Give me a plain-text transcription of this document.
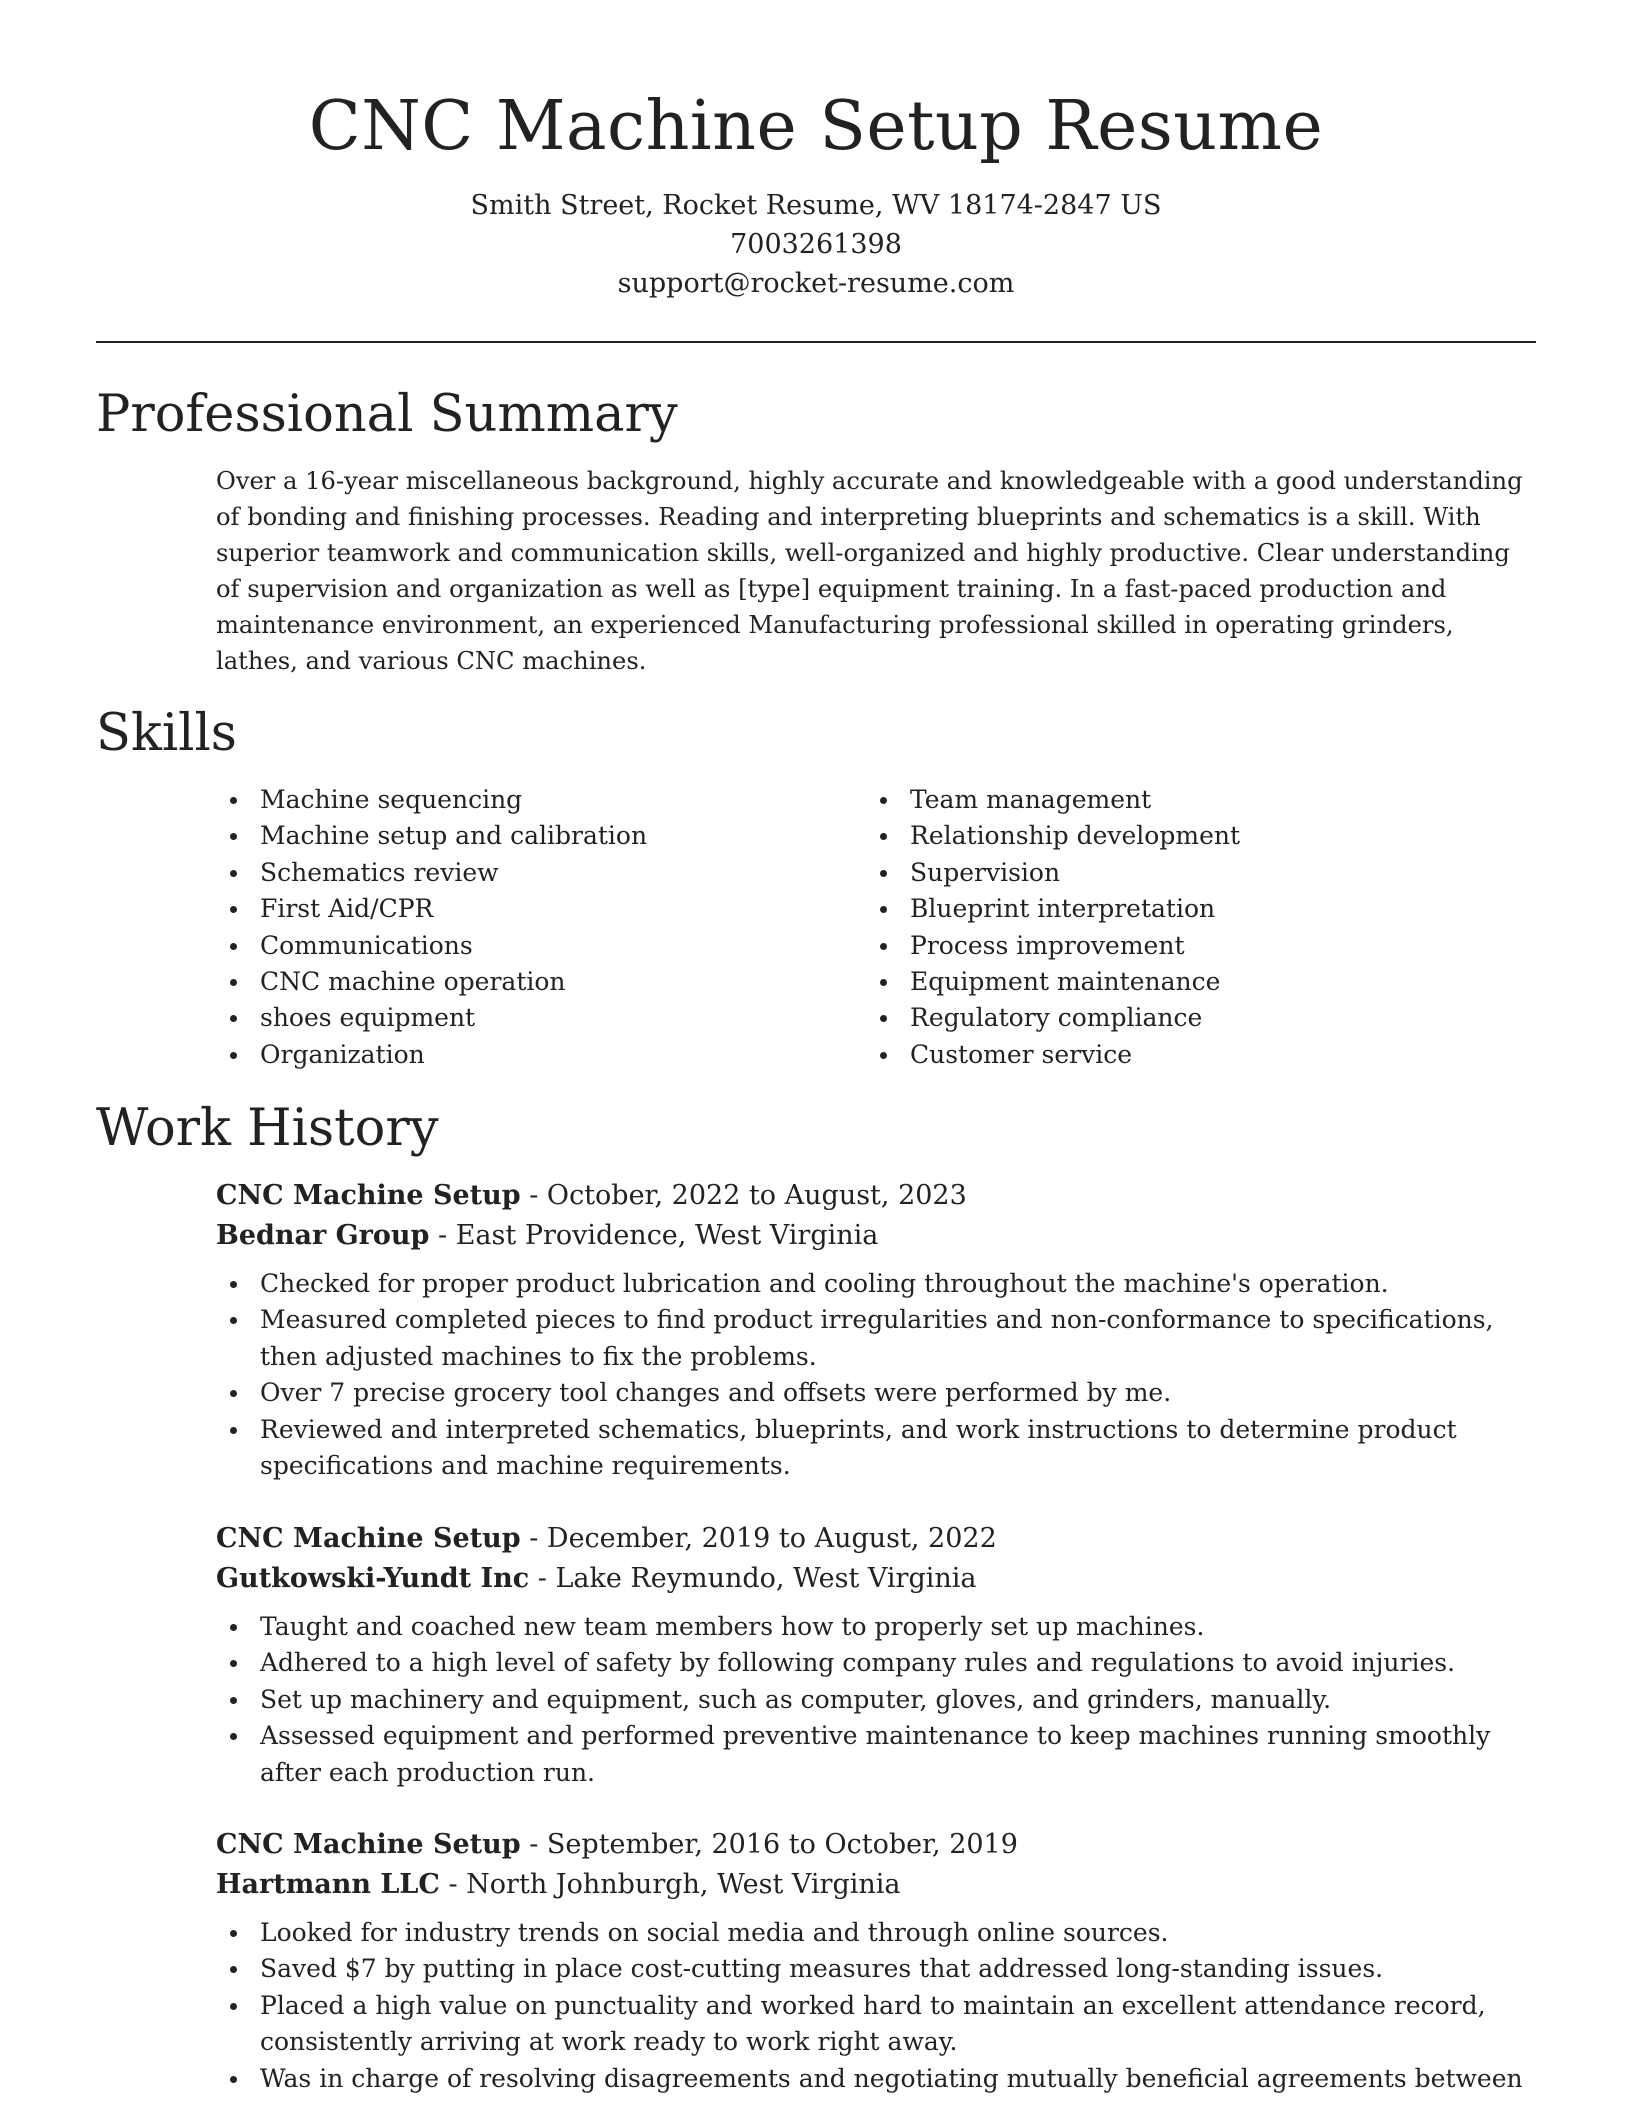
CNC Machine Setup Resume
Smith Street, Rocket Resume, WV 18174-2847 US
7003261398
support@rocket-resume.com
Professional Summary

Over a 16-year miscellaneous background, highly accurate and knowledgeable with a good understanding of bonding and finishing processes. Reading and interpreting blueprints and schematics is a skill. With superior teamwork and communication skills, well-organized and highly productive. Clear understanding of supervision and organization as well as [type] equipment training. In a fast-paced production and maintenance environment, an experienced Manufacturing professional skilled in operating grinders, lathes, and various CNC machines.

Skills
Machine sequencing
Machine setup and calibration
Schematics review
First Aid/CPR
Communications
CNC machine operation
shoes equipment
Organization
Team management
Relationship development
Supervision
Blueprint interpretation
Process improvement
Equipment maintenance
Regulatory compliance
Customer service
Work History
CNC Machine Setup - October, 2022 to August, 2023
Bednar Group - East Providence, West Virginia
Checked for proper product lubrication and cooling throughout the machine's operation.
Measured completed pieces to find product irregularities and non-conformance to specifications, then adjusted machines to fix the problems.
Over 7 precise grocery tool changes and offsets were performed by me.
Reviewed and interpreted schematics, blueprints, and work instructions to determine product specifications and machine requirements.
CNC Machine Setup - December, 2019 to August, 2022
Gutkowski-Yundt Inc - Lake Reymundo, West Virginia
Taught and coached new team members how to properly set up machines.
Adhered to a high level of safety by following company rules and regulations to avoid injuries.
Set up machinery and equipment, such as computer, gloves, and grinders, manually.
Assessed equipment and performed preventive maintenance to keep machines running smoothly after each production run.
CNC Machine Setup - September, 2016 to October, 2019
Hartmann LLC - North Johnburgh, West Virginia
Looked for industry trends on social media and through online sources.
Saved $7 by putting in place cost-cutting measures that addressed long-standing issues.
Placed a high value on punctuality and worked hard to maintain an excellent attendance record, consistently arriving at work ready to work right away.
Was in charge of resolving disagreements and negotiating mutually beneficial agreements between
